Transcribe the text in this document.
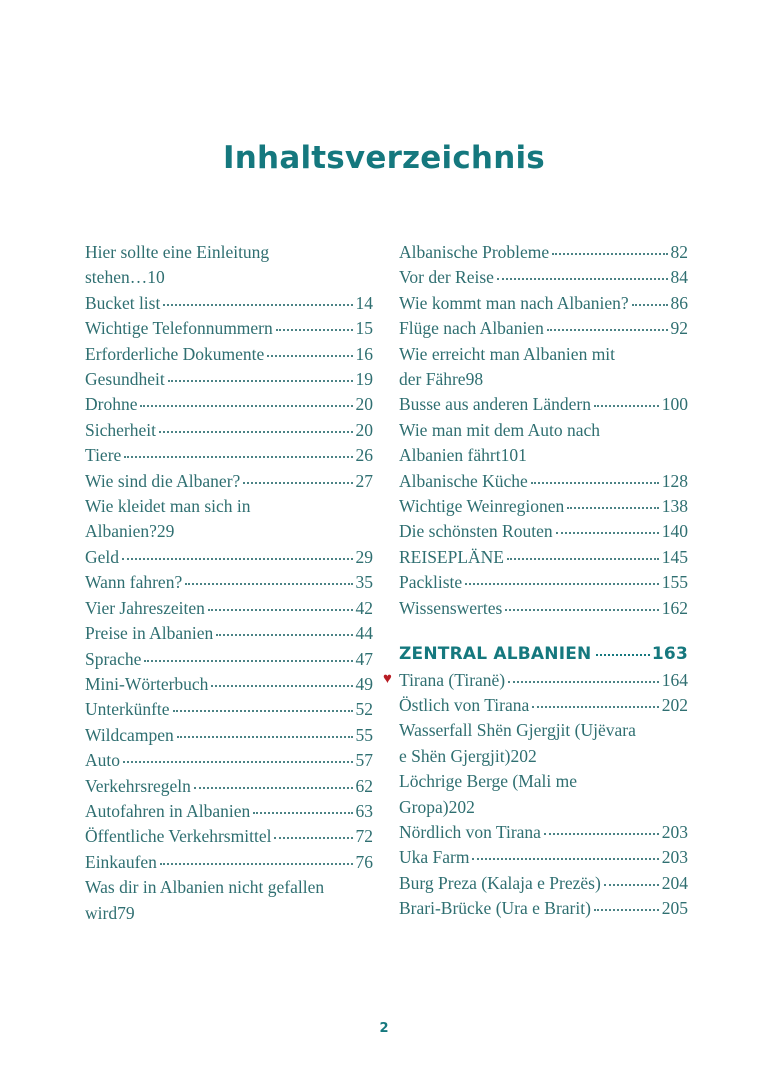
Inhaltsverzeichnis
Hier sollte eine Einleitung
stehen… 10
Bucket list	14
Wichtige Telefonnummern	15
Erforderliche Dokumente	16
Gesundheit	19
Drohne	20
Sicherheit	20
Tiere	26
Wie sind die Albaner?	27
Wie kleidet man sich in
Albanien? 29
Geld	29
Wann fahren?	35
Vier Jahreszeiten	42
Preise in Albanien	44
Sprache	47
Mini-Wörterbuch	49
Unterkünfte	52
Wildcampen	55
Auto	57
Verkehrsregeln	62
Autofahren in Albanien	63
Öffentliche Verkehrsmittel	72
Einkaufen	76
Was dir in Albanien nicht gefallen
wird 79
Albanische Probleme	82
Vor der Reise	84
Wie kommt man nach Albanien? 86
Flüge nach Albanien	92
Wie erreicht man Albanien mit
der Fähre 98
Busse aus anderen Ländern	100
Wie man mit dem Auto nach
Albanien fährt 101
Albanische Küche	128
Wichtige Weinregionen	138
Die schönsten Routen	140
REISEPLÄNE	145
Packliste	155
Wissenswertes	162
ZENTRAL ALBANIEN	163
♥ Tirana (Tiranë)	164
Östlich von Tirana	202
Wasserfall Shën Gjergjit (Ujëvara
e Shën Gjergjit) 202
Löchrige Berge (Mali me
Gropa) 202
Nördlich von Tirana	203
Uka Farm	203
Burg Preza (Kalaja e Prezës)	204
Brari-Brücke (Ura e Brarit)	205
2
